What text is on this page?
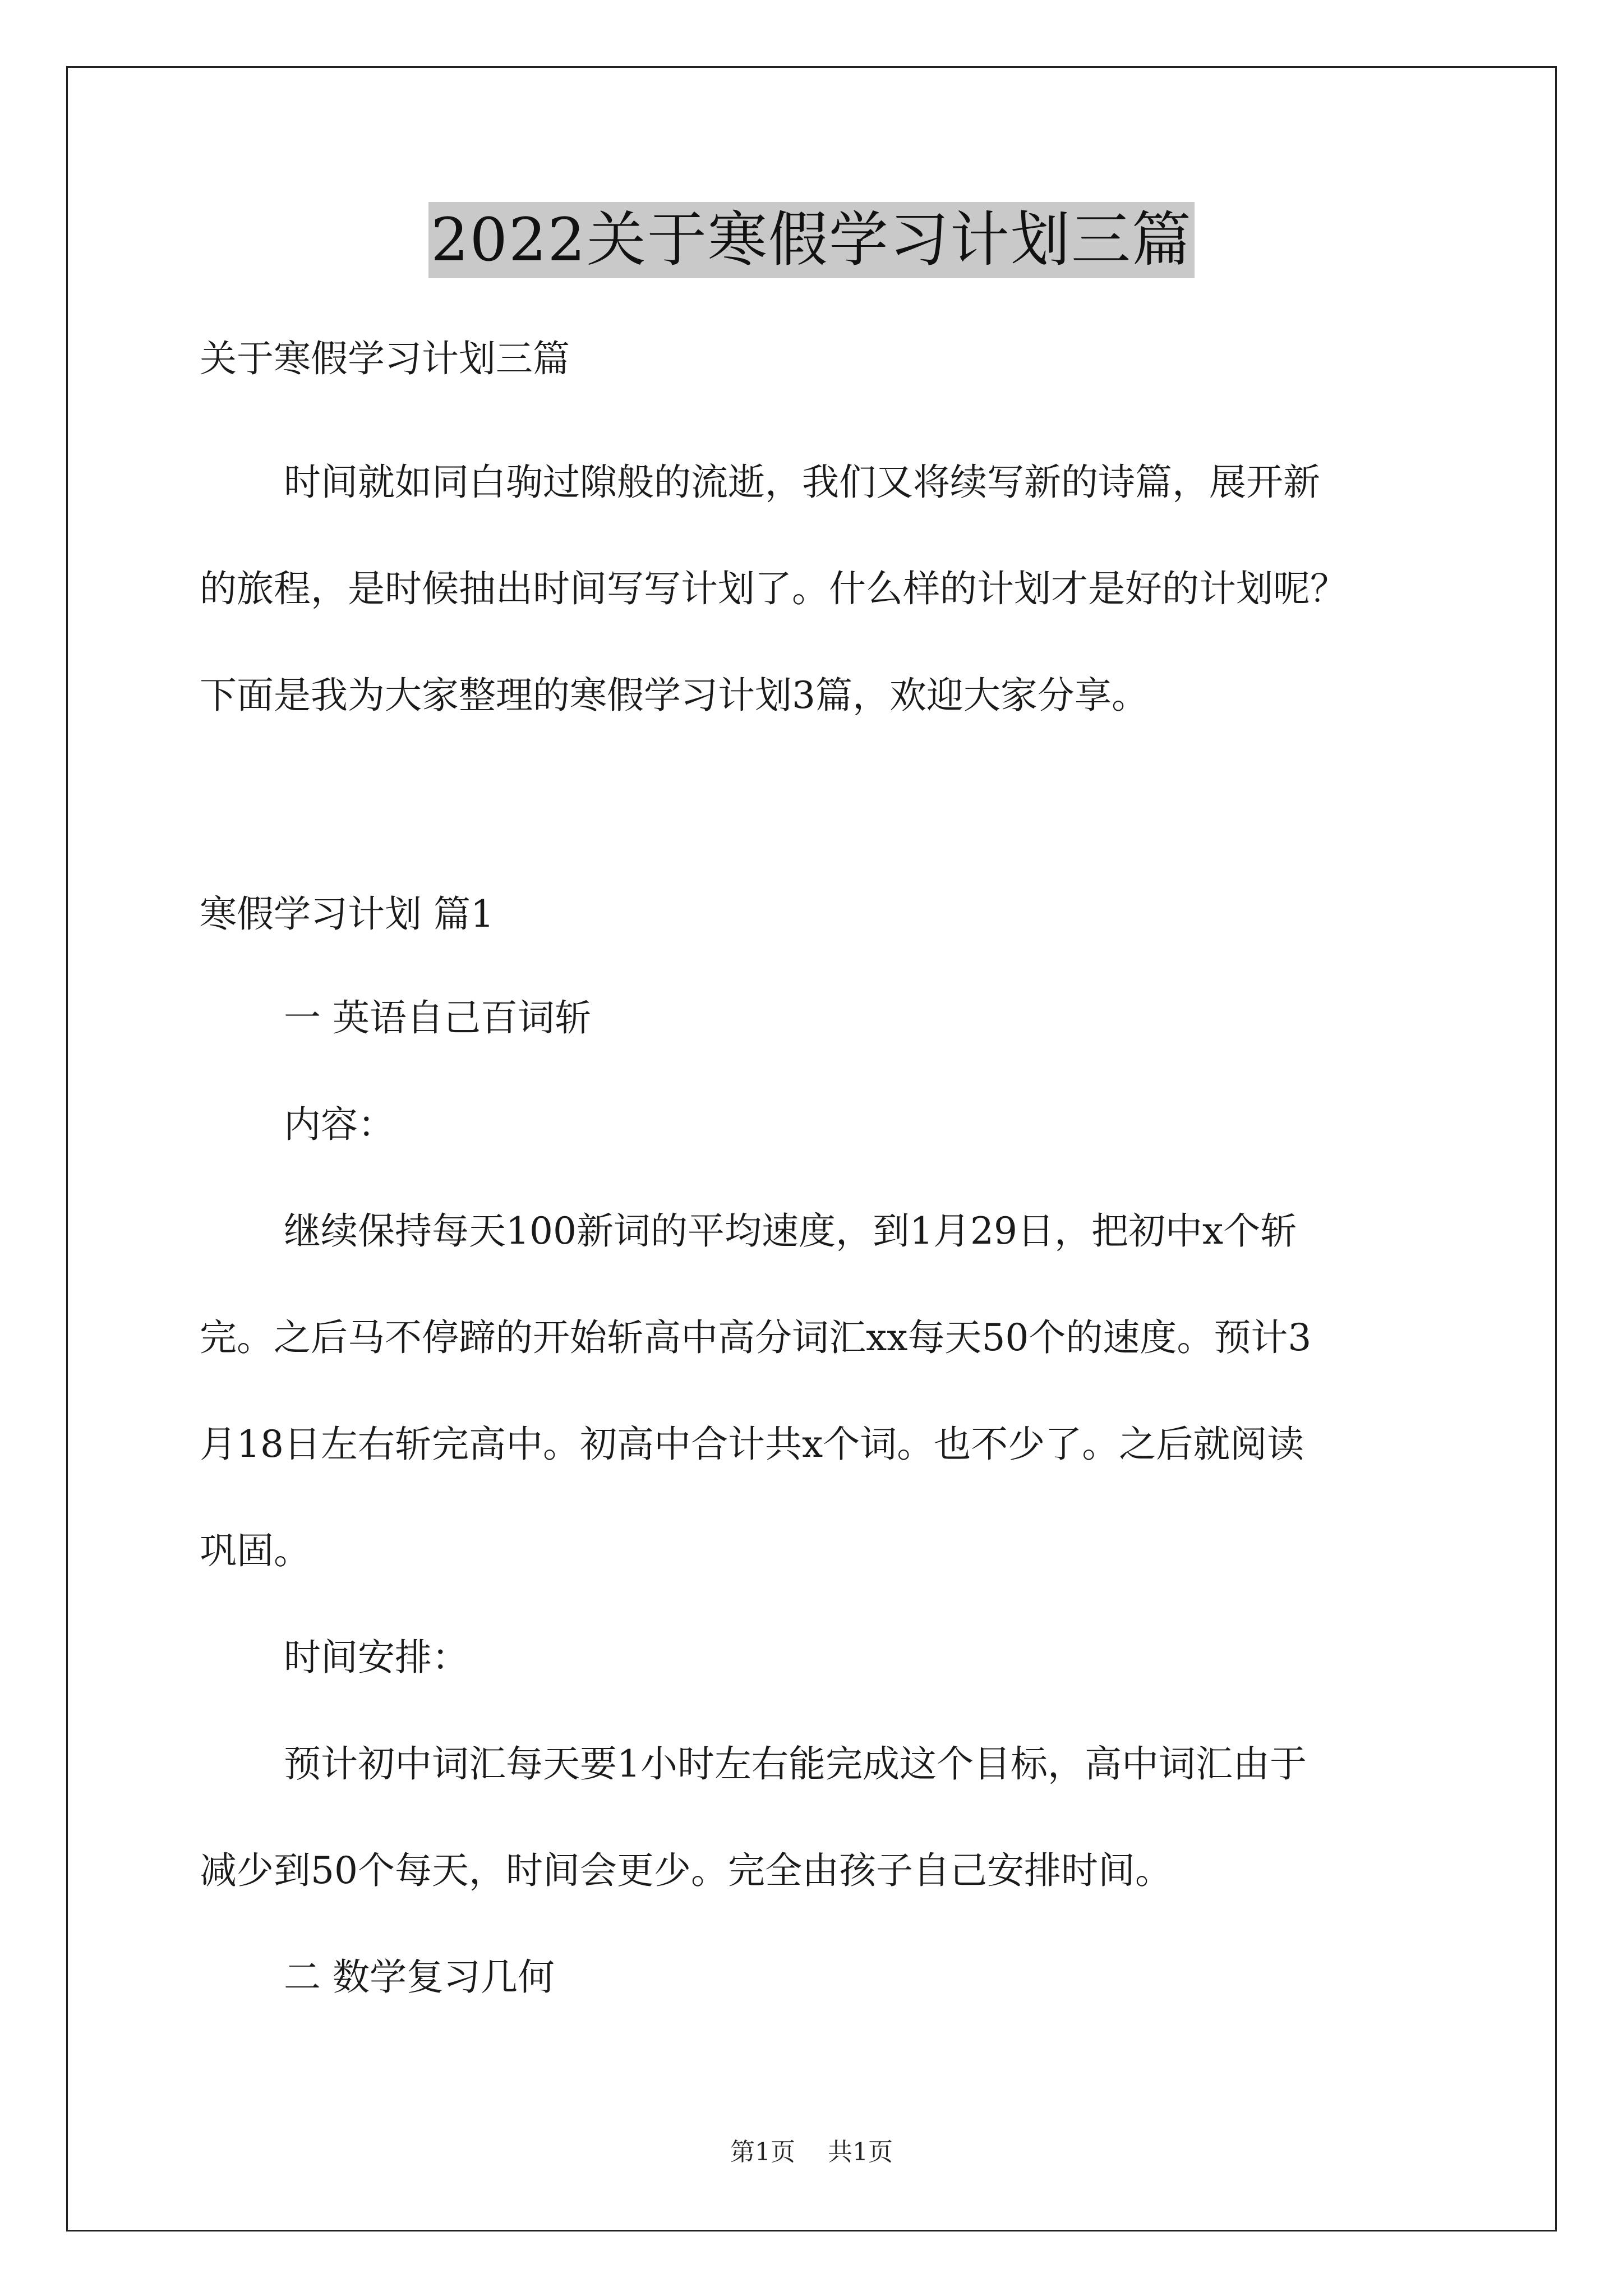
2022关于寒假学习计划三篇
关于寒假学习计划三篇
时间就如同白驹过隙般的流逝，我们又将续写新的诗篇，展开新
的旅程，是时候抽出时间写写计划了。什么样的计划才是好的计划呢？
下面是我为大家整理的寒假学习计划3篇，欢迎大家分享。
寒假学习计划 篇1
一 英语自己百词斩
内容：
继续保持每天100新词的平均速度，到1月29日，把初中x个斩
完。之后马不停蹄的开始斩高中高分词汇xx每天50个的速度。预计3
月18日左右斩完高中。初高中合计共x个词。也不少了。之后就阅读
巩固。
时间安排：
预计初中词汇每天要1小时左右能完成这个目标，高中词汇由于
减少到50个每天，时间会更少。完全由孩子自己安排时间。
二 数学复习几何
第1页 共1页
